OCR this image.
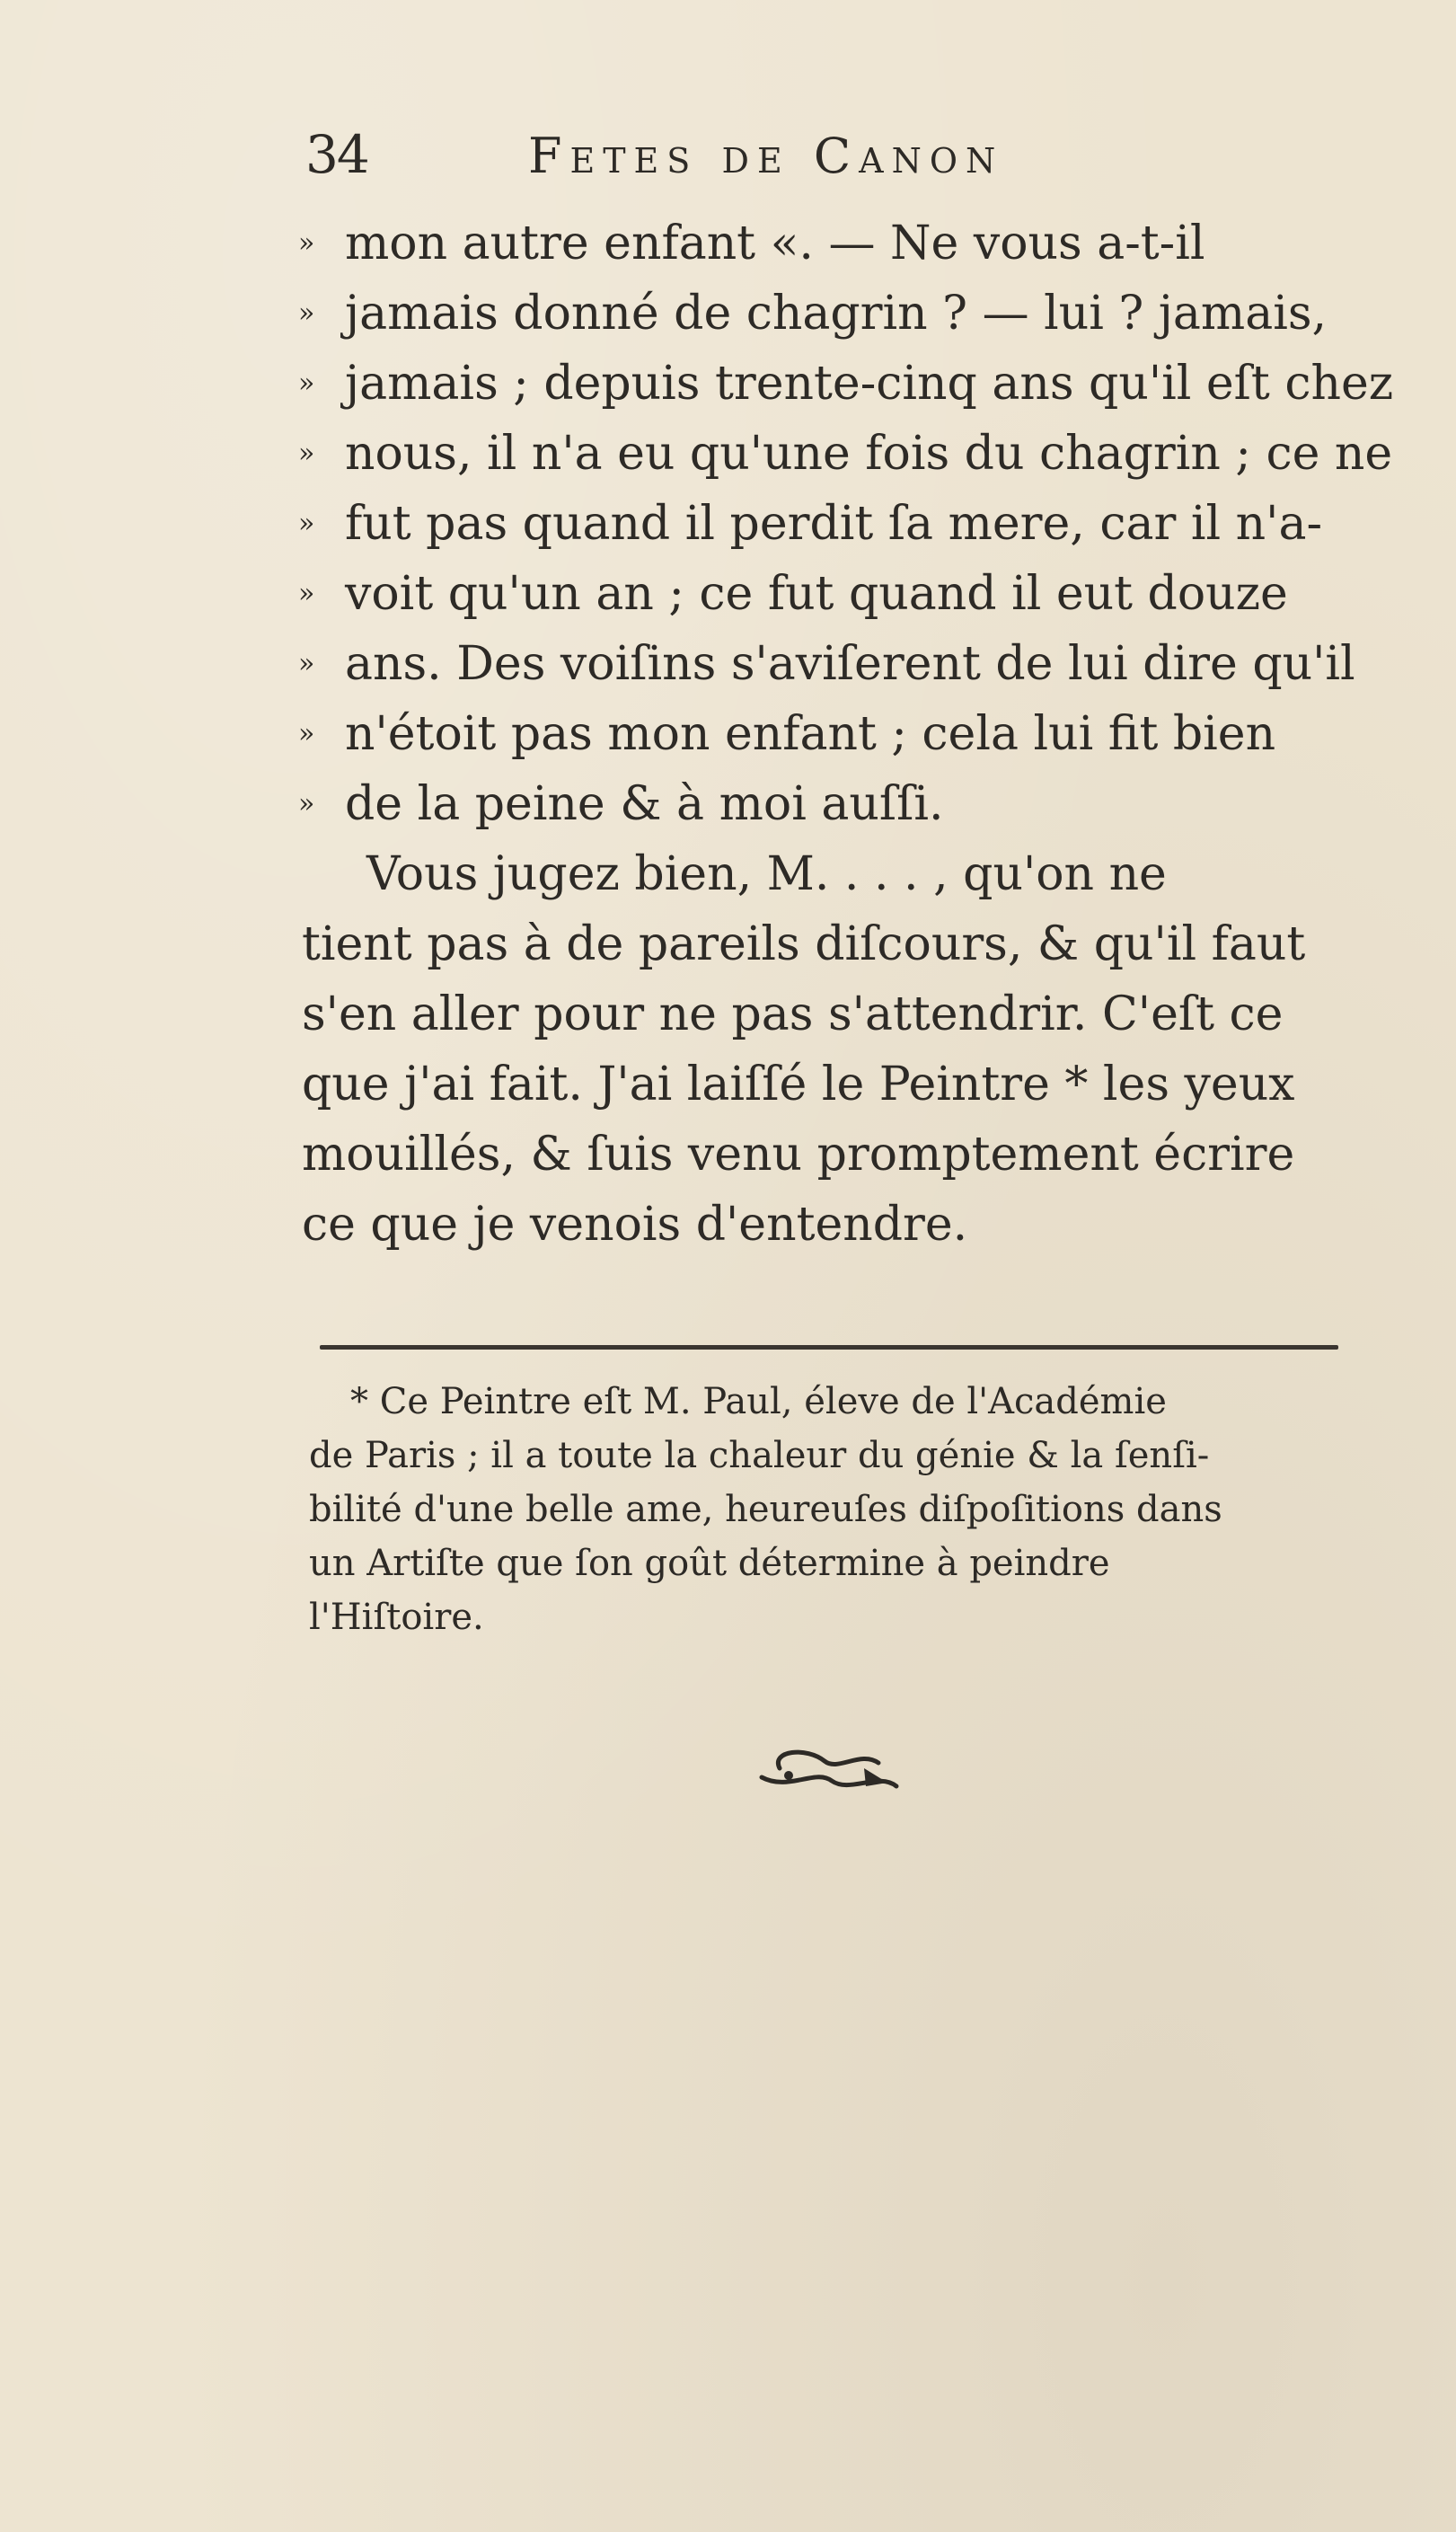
34	Fetes de Canon
» mon autre enfant «. — Ne vous a-t-il
» jamais donné de chagrin ? — lui ? jamais,
» jamais ; depuis trente-cinq ans qu'il eſt chez
» nous, il n'a eu qu'une fois du chagrin ; ce ne
» fut pas quand il perdit ſa mere, car il n'a-
» voit qu'un an ; ce fut quand il eut douze
» ans. Des voiſins s'aviſerent de lui dire qu'il
» n'étoit pas mon enfant ; cela lui fit bien
» de la peine & à moi auſſi.
Vous jugez bien, M. . . . , qu'on ne
tient pas à de pareils diſcours, & qu'il faut
s'en aller pour ne pas s'attendrir. C'eſt ce
que j'ai fait. J'ai laiſſé le Peintre * les yeux
mouillés, & ſuis venu promptement écrire
ce que je venois d'entendre.
* Ce Peintre eſt M. Paul, éleve de l'Académie
de Paris ; il a toute la chaleur du génie & la ſenſi-
bilité d'une belle ame, heureuſes diſpoſitions dans
un Artiſte que ſon goût détermine à peindre
l'Hiſtoire.
